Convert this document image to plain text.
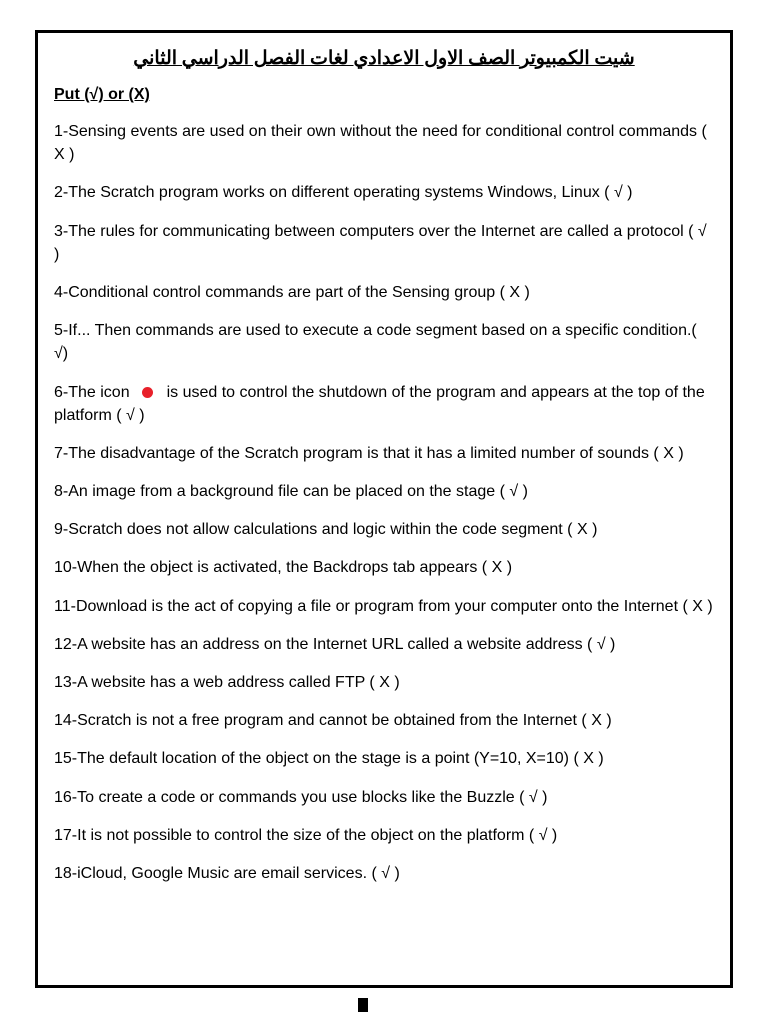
شيت الكمبيوتر الصف الاول الاعدادي لغات الفصل الدراسي الثاني
Put (√) or (X)

1-Sensing events are used on their own without the need for conditional control commands ( X )

2-The Scratch program works on different operating systems Windows, Linux ( √ )

3-The rules for communicating between computers over the Internet are called a protocol ( √ )

4-Conditional control commands are part of the Sensing group ( X )

5-If... Then commands are used to execute a code segment based on a specific condition.( √)

6-The icon is used to control the shutdown of the program and appears at the top of the platform ( √ )

7-The disadvantage of the Scratch program is that it has a limited number of sounds ( X )

8-An image from a background file can be placed on the stage ( √ )

9-Scratch does not allow calculations and logic within the code segment ( X )

10-When the object is activated, the Backdrops tab appears ( X )

11-Download is the act of copying a file or program from your computer onto the Internet ( X )

12-A website has an address on the Internet URL called a website address ( √ )

13-A website has a web address called FTP ( X )

14-Scratch is not a free program and cannot be obtained from the Internet ( X )

15-The default location of the object on the stage is a point (Y=10, X=10) ( X )

16-To create a code or commands you use blocks like the Buzzle ( √ )

17-It is not possible to control the size of the object on the platform ( √ )

18-iCloud, Google Music are email services. ( √ )
